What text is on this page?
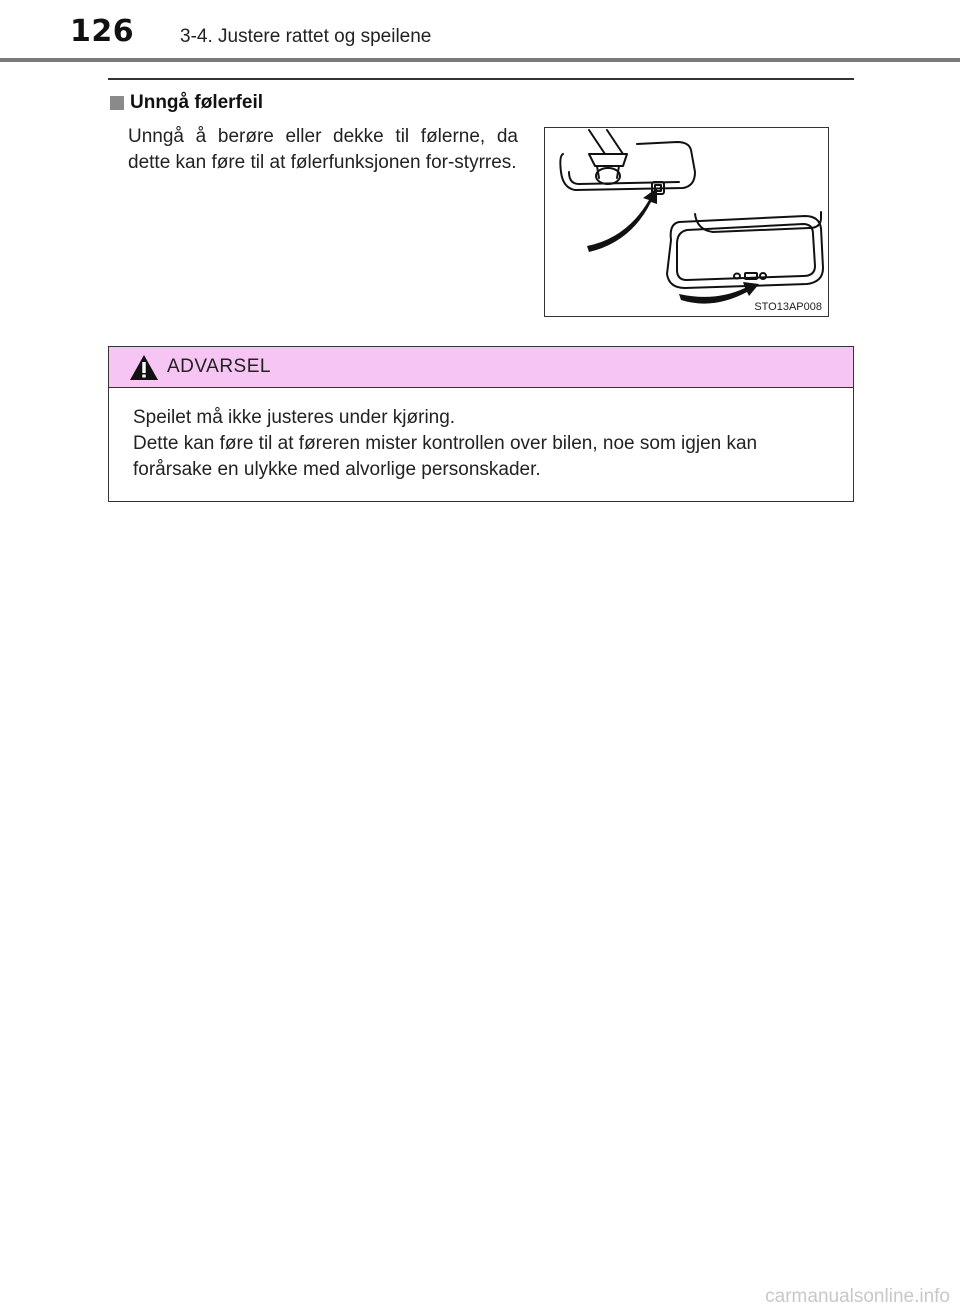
126 3-4. Justere rattet og speilene
Unngå følerfeil

Unngå å berøre eller dekke til følerne, da dette kan føre til at følerfunksjonen for-styrres.

STO13AP008
ADVARSEL
Speilet må ikke justeres under kjøring.
Dette kan føre til at føreren mister kontrollen over bilen, noe som igjen kan forårsake en ulykke med alvorlige personskader.
carmanualsonline.info
